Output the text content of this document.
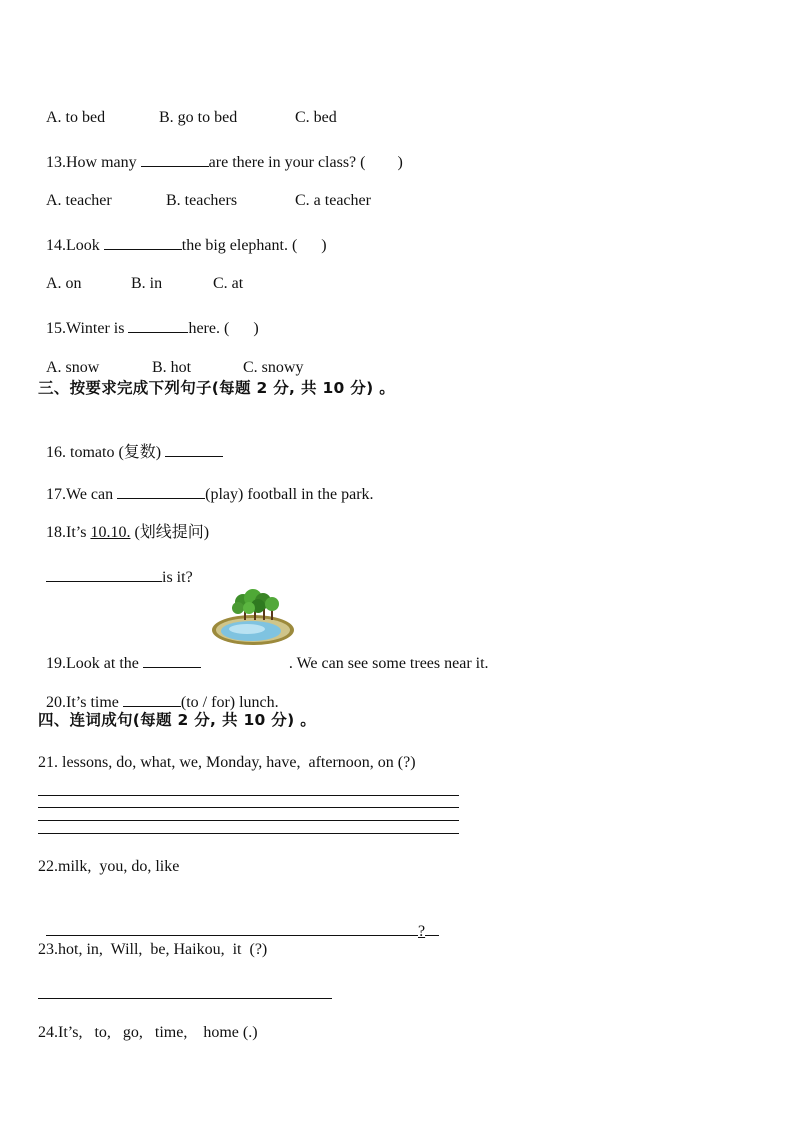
A. to bed	B. go to bed	C. bed

13.How many	are there in your class? (        )

A. teacher	B. teachers	C. a teacher

14.Look	the big elephant. (      )

A. on	B. in	C. at

15.Winter is	here. (      )

A. snow	B. hot	C. snowy

三、按要求完成下列句子(每题 2 分, 共 10 分) 。

16. tomato (复数)

17.We can	(play) football in the park.

18.It’s 10.10. (划线提问)

is it?

19.Look at the	. We can see some trees near it.

20.It’s time	(to / for) lunch.

四、连词成句(每题 2 分, 共 10 分) 。
21. lessons, do, what, we, Monday, have,  afternoon, on (?)
22.milk,  you, do, like

?

23.hot, in,  Will,  be, Haikou,  it  (?)
24.It’s,   to,   go,   time,    home (.)
